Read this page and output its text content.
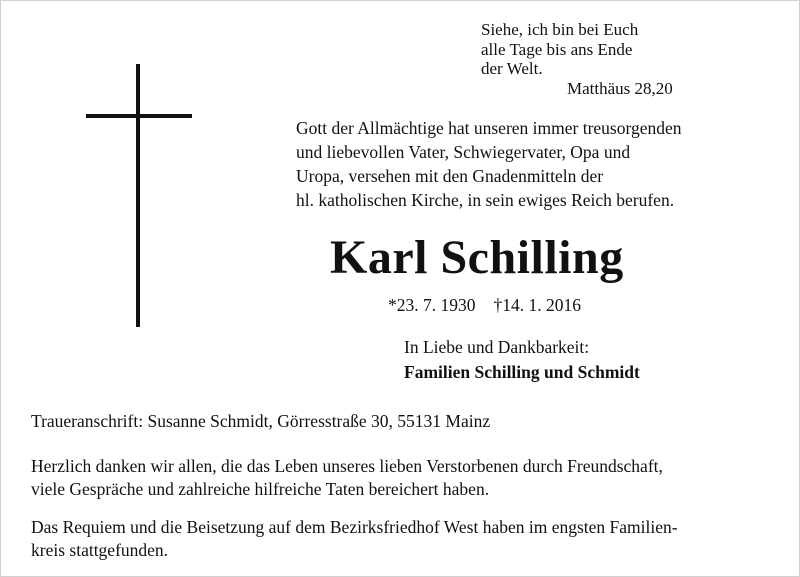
Siehe, ich bin bei Euch
alle Tage bis ans Ende
der Welt.
Matthäus 28,20
Gott der Allmächtige hat unseren immer treusorgenden
und liebevollen Vater, Schwiegervater, Opa und
Uropa, versehen mit den Gnadenmitteln der
hl. katholischen Kirche, in sein ewiges Reich berufen.
Karl Schilling
*23. 7. 1930 †14. 1. 2016
In Liebe und Dankbarkeit:
Familien Schilling und Schmidt
Traueranschrift: Susanne Schmidt, Görresstraße 30, 55131 Mainz
Herzlich danken wir allen, die das Leben unseres lieben Verstorbenen durch Freundschaft,
viele Gespräche und zahlreiche hilfreiche Taten bereichert haben.
Das Requiem und die Beisetzung auf dem Bezirksfriedhof West haben im engsten Familien-
kreis stattgefunden.
